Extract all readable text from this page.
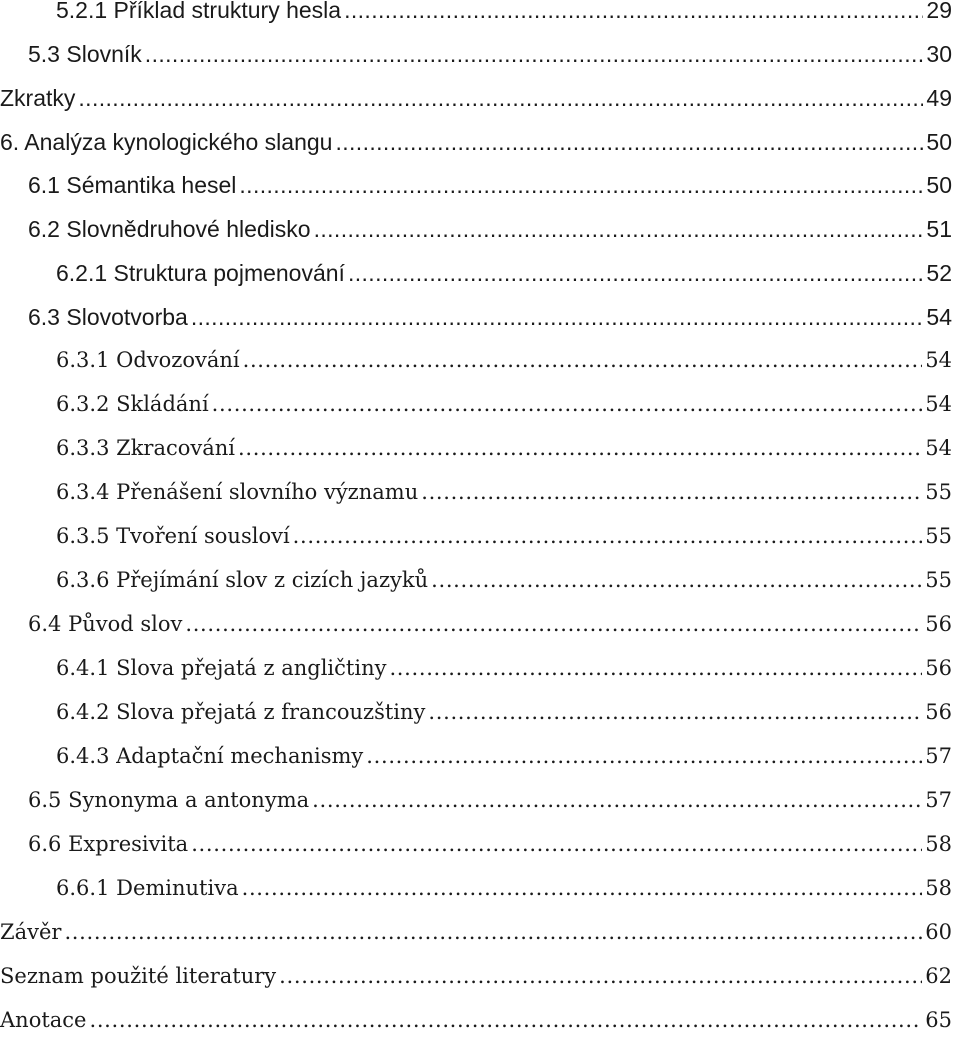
5.2.1 Příklad struktury hesla . . .	29
5.3 Slovník . . .	30
Zkratky . . .	49
6. Analýza kynologického slangu . . .	50
6.1 Sémantika hesel . . .	50
6.2 Slovnědruhové hledisko . . .	51
6.2.1 Struktura pojmenování . . .	52
6.3 Slovotvorba . . .	54
6.3.1 Odvozování . . .	54
6.3.2 Skládání . . .	54
6.3.3 Zkracování . . .	54
6.3.4 Přenášení slovního významu . . .	55
6.3.5 Tvoření sousloví . . .	55
6.3.6 Přejímání slov z cizích jazyků . . .	55
6.4 Původ slov . . .	56
6.4.1 Slova přejatá z angličtiny . . .	56
6.4.2 Slova přejatá z francouzštiny . . .	56
6.4.3 Adaptační mechanismy . . .	57
6.5 Synonyma a antonyma . . .	57
6.6 Expresivita . . .	58
6.6.1 Deminutiva . . .	58
Závěr . . .	60
Seznam použité literatury . . .	62
Anotace . . .	65
